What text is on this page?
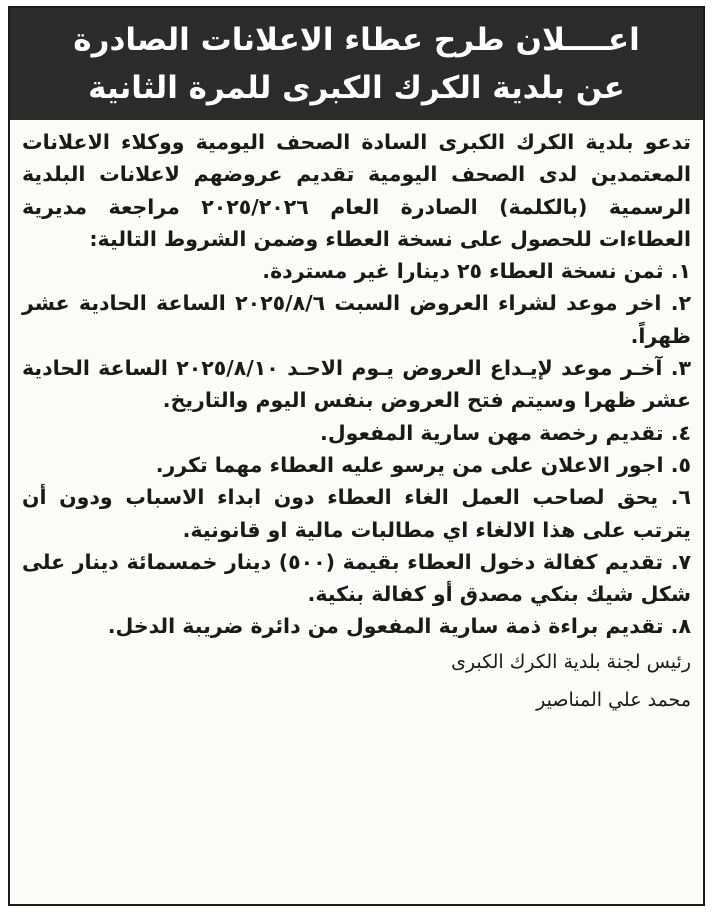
اعــــلان طرح عطاء الاعلانات الصادرة
عن بلدية الكرك الكبرى للمرة الثانية
تدعو بلدية الكرك الكبرى السادة الصحف اليومية ووكلاء الاعلانات المعتمدين لدى الصحف اليومية تقديم عروضهم لاعلانات البلدية الرسمية (بالكلمة) الصادرة العام ٢٠٢٥/٢٠٢٦ مراجعة مديرية العطاءات للحصول على نسخة العطاء وضمن الشروط التالية:
١. ثمن نسخة العطاء ٢٥ دينارا غير مستردة.
٢. اخر موعد لشراء العروض السبت ٢٠٢٥/٨/٦ الساعة الحادية عشر ظهراً.
٣. آخـر موعد لإيـداع العروض يـوم الاحـد ٢٠٢٥/٨/١٠ الساعة الحادية عشر ظهرا وسيتم فتح العروض بنفس اليوم والتاريخ.
٤. تقديم رخصة مهن سارية المفعول.
٥. اجور الاعلان على من يرسو عليه العطاء مهما تكرر.
٦. يحق لصاحب العمل الغاء العطاء دون ابداء الاسباب ودون أن يترتب على هذا الالغاء اي مطالبات مالية او قانونية.
٧. تقديم كفالة دخول العطاء بقيمة (٥٠٠) دينار خمسمائة دينار على شكل شيك بنكي مصدق أو كفالة بنكية.
٨. تقديم براءة ذمة سارية المفعول من دائرة ضريبة الدخل.
رئيس لجنة بلدية الكرك الكبرى
محمد علي المناصير
